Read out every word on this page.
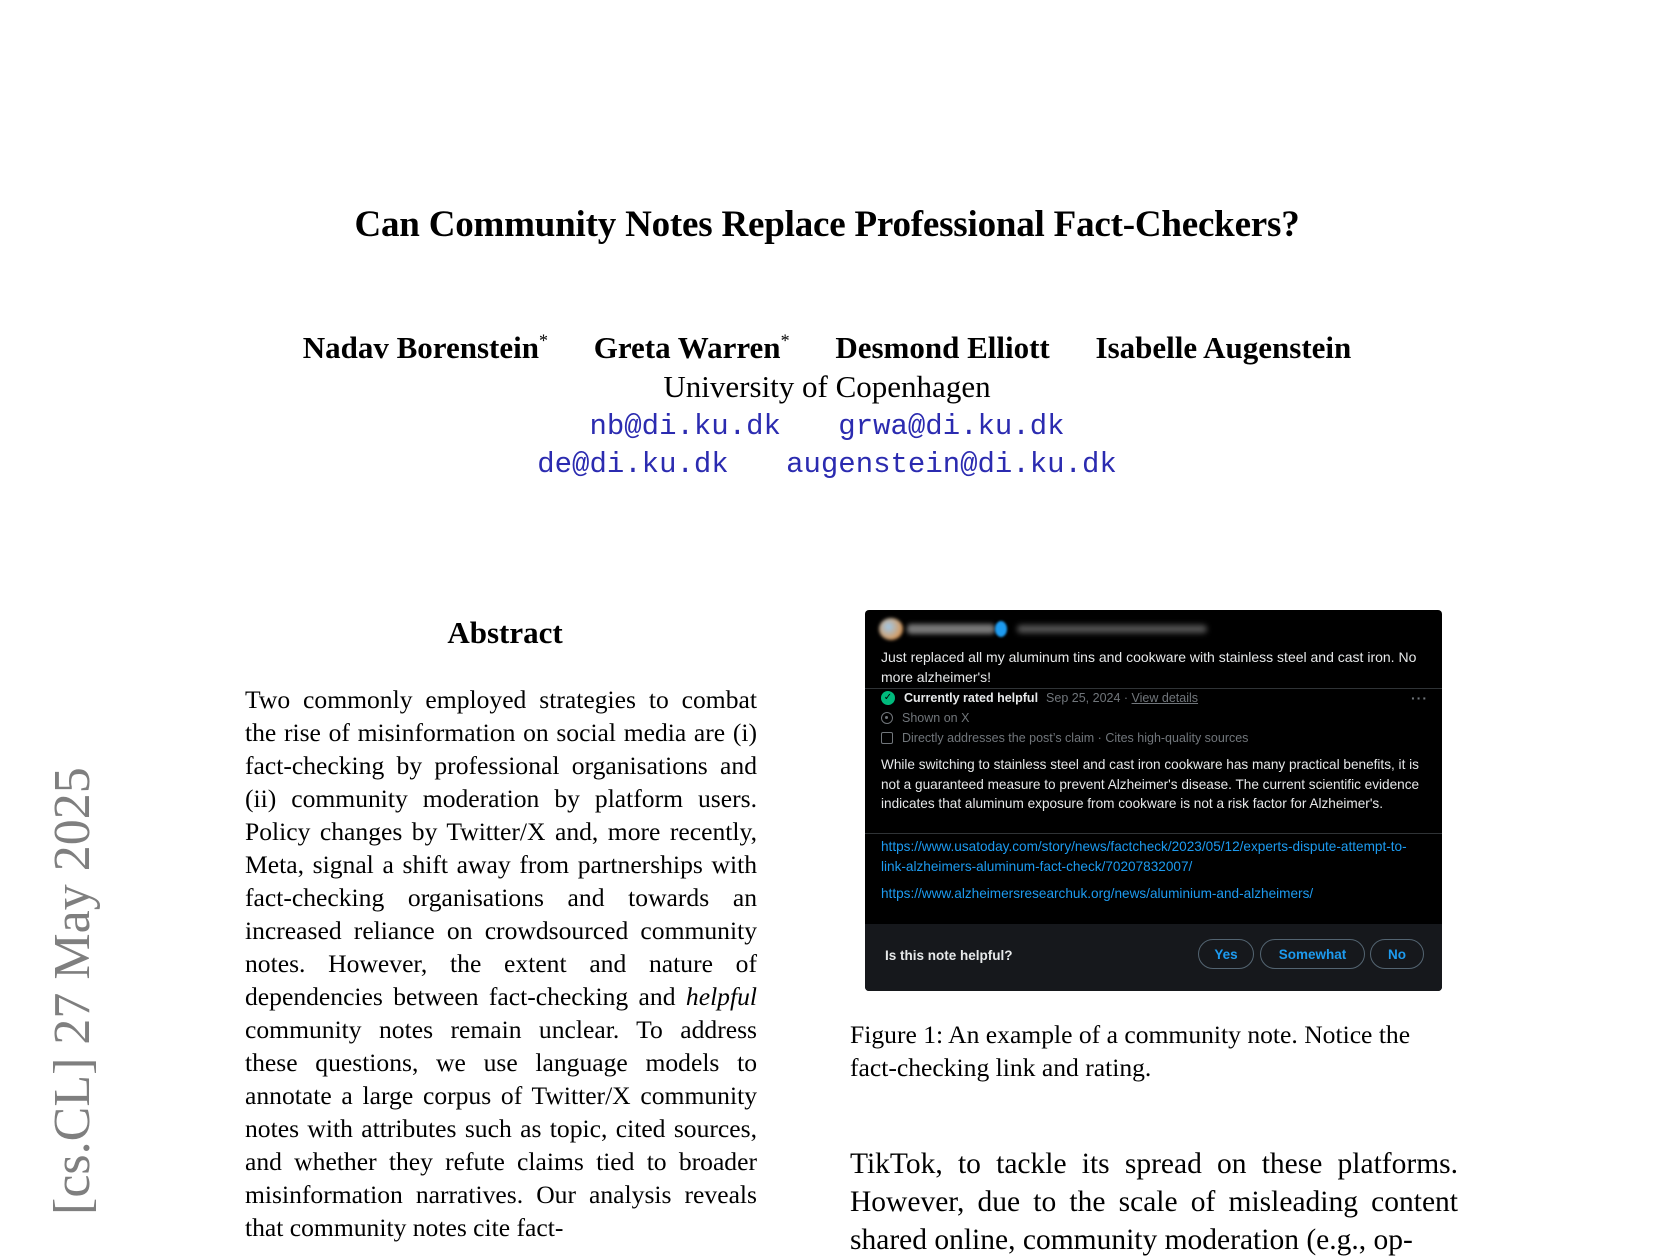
[cs.CL] 27 May 2025
Can Community Notes Replace Professional Fact-Checkers?
Nadav Borenstein* Greta Warren* Desmond Elliott Isabelle Augenstein
University of Copenhagen
nb@di.ku.dk grwa@di.ku.dk
de@di.ku.dk augenstein@di.ku.dk
Abstract
Two commonly employed strategies to combat the rise of misinformation on social media are (i) fact-checking by professional organisations and (ii) community moderation by platform users. Policy changes by Twitter/X and, more recently, Meta, signal a shift away from partnerships with fact-checking organisations and towards an increased reliance on crowdsourced community notes. However, the extent and nature of dependencies between fact-checking and helpful community notes remain unclear. To address these questions, we use language models to annotate a large corpus of Twitter/X community notes with attributes such as topic, cited sources, and whether they refute claims tied to broader misinformation narratives. Our analysis reveals that community notes cite fact-
Just replaced all my aluminum tins and cookware with stainless steel and cast iron. No more alzheimer's!
✓ Currently rated helpful Sep 25, 2024 ·
View details	···
Shown on X
Directly addresses the post’s claim · Cites high-quality sources
While switching to stainless steel and cast iron cookware has many practical benefits, it is not a guaranteed measure to prevent Alzheimer's disease. The current scientific evidence indicates that aluminum exposure from cookware is not a risk factor for Alzheimer's.
https://www.usatoday.com/story/news/factcheck/2023/05/12/experts-dispute-attempt-to-link-alzheimers-aluminum-fact-check/70207832007/
https://www.alzheimersresearchuk.org/news/aluminium-and-alzheimers/
Is this note helpful?	Yes	Somewhat	No
Figure 1: An example of a community note. Notice the fact-checking link and rating.
TikTok, to tackle its spread on these platforms. However, due to the scale of misleading content shared online, community moderation (e.g., op-
